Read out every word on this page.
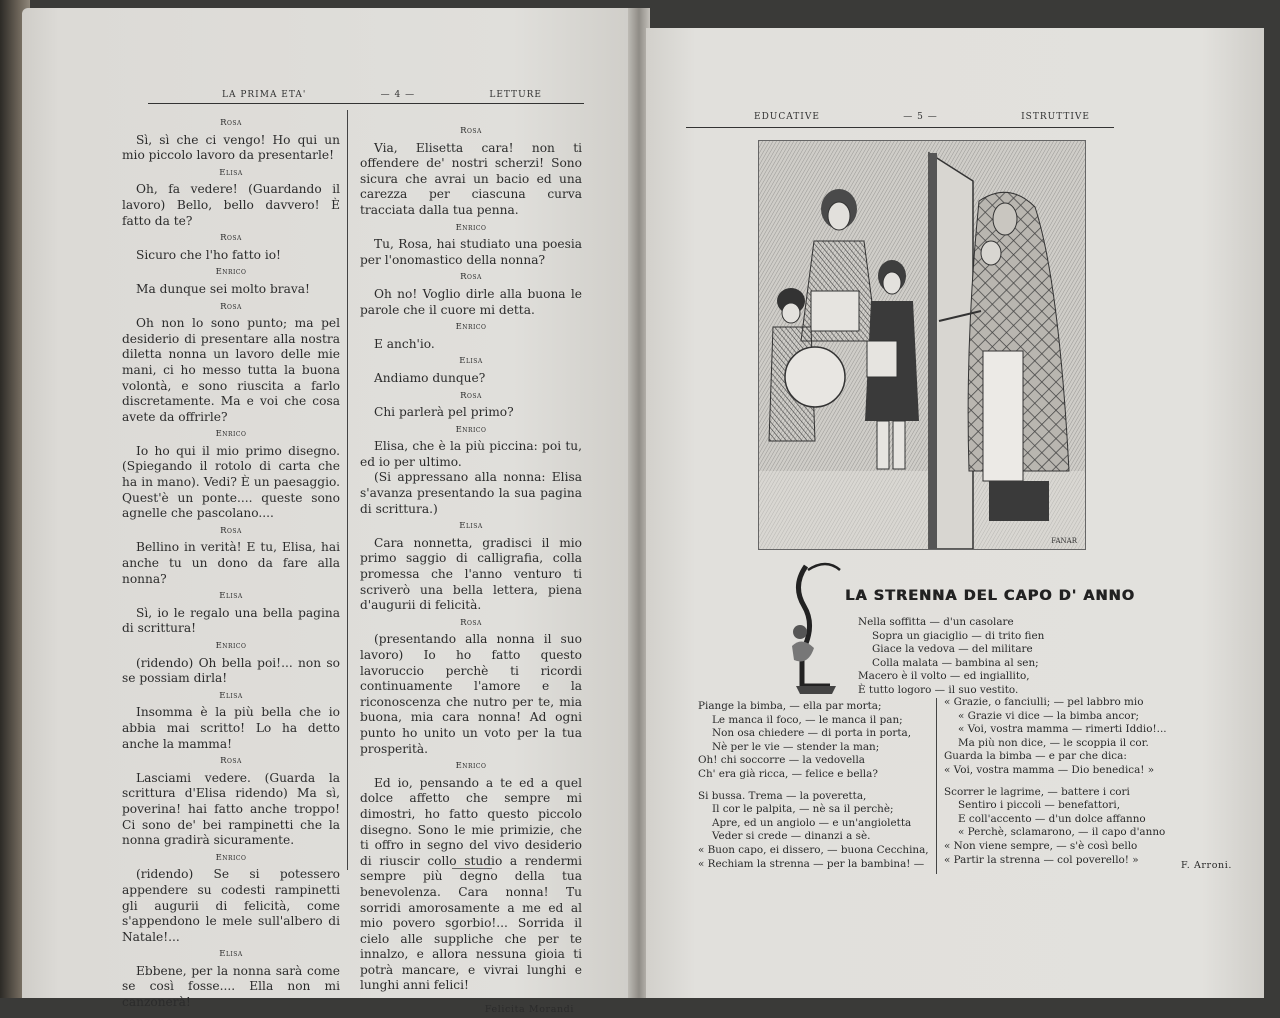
LA PRIMA ETA'	— 4 —	LETTURE
Rosa

Sì, sì che ci vengo! Ho qui un mio piccolo lavoro da presentarle!

Elisa

Oh, fa vedere! (Guardando il lavoro) Bello, bello davvero! È fatto da te?

Rosa

Sicuro che l'ho fatto io!

Enrico

Ma dunque sei molto brava!

Rosa

Oh non lo sono punto; ma pel desiderio di presentare alla nostra diletta nonna un lavoro delle mie mani, ci ho messo tutta la buona volontà, e sono riuscita a farlo discretamente. Ma e voi che cosa avete da offrirle?

Enrico

Io ho qui il mio primo disegno. (Spiegando il rotolo di carta che ha in mano). Vedi? È un paesaggio. Quest'è un ponte.... queste sono agnelle che pascolano....

Rosa

Bellino in verità! E tu, Elisa, hai anche tu un dono da fare alla nonna?

Elisa

Sì, io le regalo una bella pagina di scrittura!

Enrico

(ridendo) Oh bella poi!... non so se possiam dirla!

Elisa

Insomma è la più bella che io abbia mai scritto! Lo ha detto anche la mamma!

Rosa

Lasciami vedere. (Guarda la scrittura d'Elisa ridendo) Ma sì, poverina! hai fatto anche troppo! Ci sono de' bei rampinetti che la nonna gradirà sicuramente.

Enrico

(ridendo) Se si potessero appendere su codesti rampinetti gli augurii di felicità, come s'appendono le mele sull'albero di Natale!...

Elisa

Ebbene, per la nonna sarà come se così fosse.... Ella non mi canzonerà!

Rosa

Via, Elisetta cara! non ti offendere de' nostri scherzi! Sono sicura che avrai un bacio ed una carezza per ciascuna curva tracciata dalla tua penna.

Enrico

Tu, Rosa, hai studiato una poesia per l'onomastico della nonna?

Rosa

Oh no! Voglio dirle alla buona le parole che il cuore mi detta.

Enrico

E anch'io.

Elisa

Andiamo dunque?

Rosa

Chi parlerà pel primo?

Enrico

Elisa, che è la più piccina: poi tu, ed io per ultimo.

(Si appressano alla nonna: Elisa s'avanza presentando la sua pagina di scrittura.)

Elisa

Cara nonnetta, gradisci il mio primo saggio di calligrafia, colla promessa che l'anno venturo ti scriverò una bella lettera, piena d'augurii di felicità.

Rosa

(presentando alla nonna il suo lavoro) Io ho fatto questo lavoruccio perchè ti ricordi continuamente l'amore e la riconoscenza che nutro per te, mia buona, mia cara nonna! Ad ogni punto ho unito un voto per la tua prosperità.

Enrico

Ed io, pensando a te ed a quel dolce affetto che sempre mi dimostri, ho fatto questo piccolo disegno. Sono le mie primizie, che ti offro in segno del vivo desiderio di riuscir collo studio a rendermi sempre più degno della tua benevolenza. Cara nonna! Tu sorridi amorosamente a me ed al mio povero sgorbio!... Sorrida il cielo alle suppliche che per te innalzo, e allora nessuna gioia ti potrà mancare, e vivrai lunghi e lunghi anni felici!

Felicita Morandi
EDUCATIVE	— 5 —	ISTRUTTIVE
FANAR
LA STRENNA DEL CAPO D' ANNO
Nella soffitta — d'un casolare
Sopra un giaciglio — di trito fien
Giace la vedova — del militare
Colla malata — bambina al sen;
Macero è il volto — ed ingiallito,
È tutto logoro — il suo vestito.
Piange la bimba, — ella par morta;
Le manca il foco, — le manca il pan;
Non osa chiedere — di porta in porta,
Nè per le vie — stender la man;
Oh! chi soccorre — la vedovella
Ch' era già ricca, — felice e bella?
Si bussa. Trema — la poveretta,
Il cor le palpita, — nè sa il perchè;
Apre, ed un angiolo — e un'angioletta
Veder si crede — dinanzi a sè.
« Buon capo, ei dissero, — buona Cecchina,
« Rechiam la strenna — per la bambina! —
« Grazie, o fanciulli; — pel labbro mio
« Grazie vi dice — la bimba ancor;
« Voi, vostra mamma — rimerti Iddio!...
Ma più non dice, — le scoppia il cor.
Guarda la bimba — e par che dica:
« Voi, vostra mamma — Dio benedica! »
Scorrer le lagrime, — battere i cori
Sentiro i piccoli — benefattori,
E coll'accento — d'un dolce affanno
« Perchè, sclamarono, — il capo d'anno
« Non viene sempre, — s'è così bello
« Partir la strenna — col poverello! »	F. Arroni.
